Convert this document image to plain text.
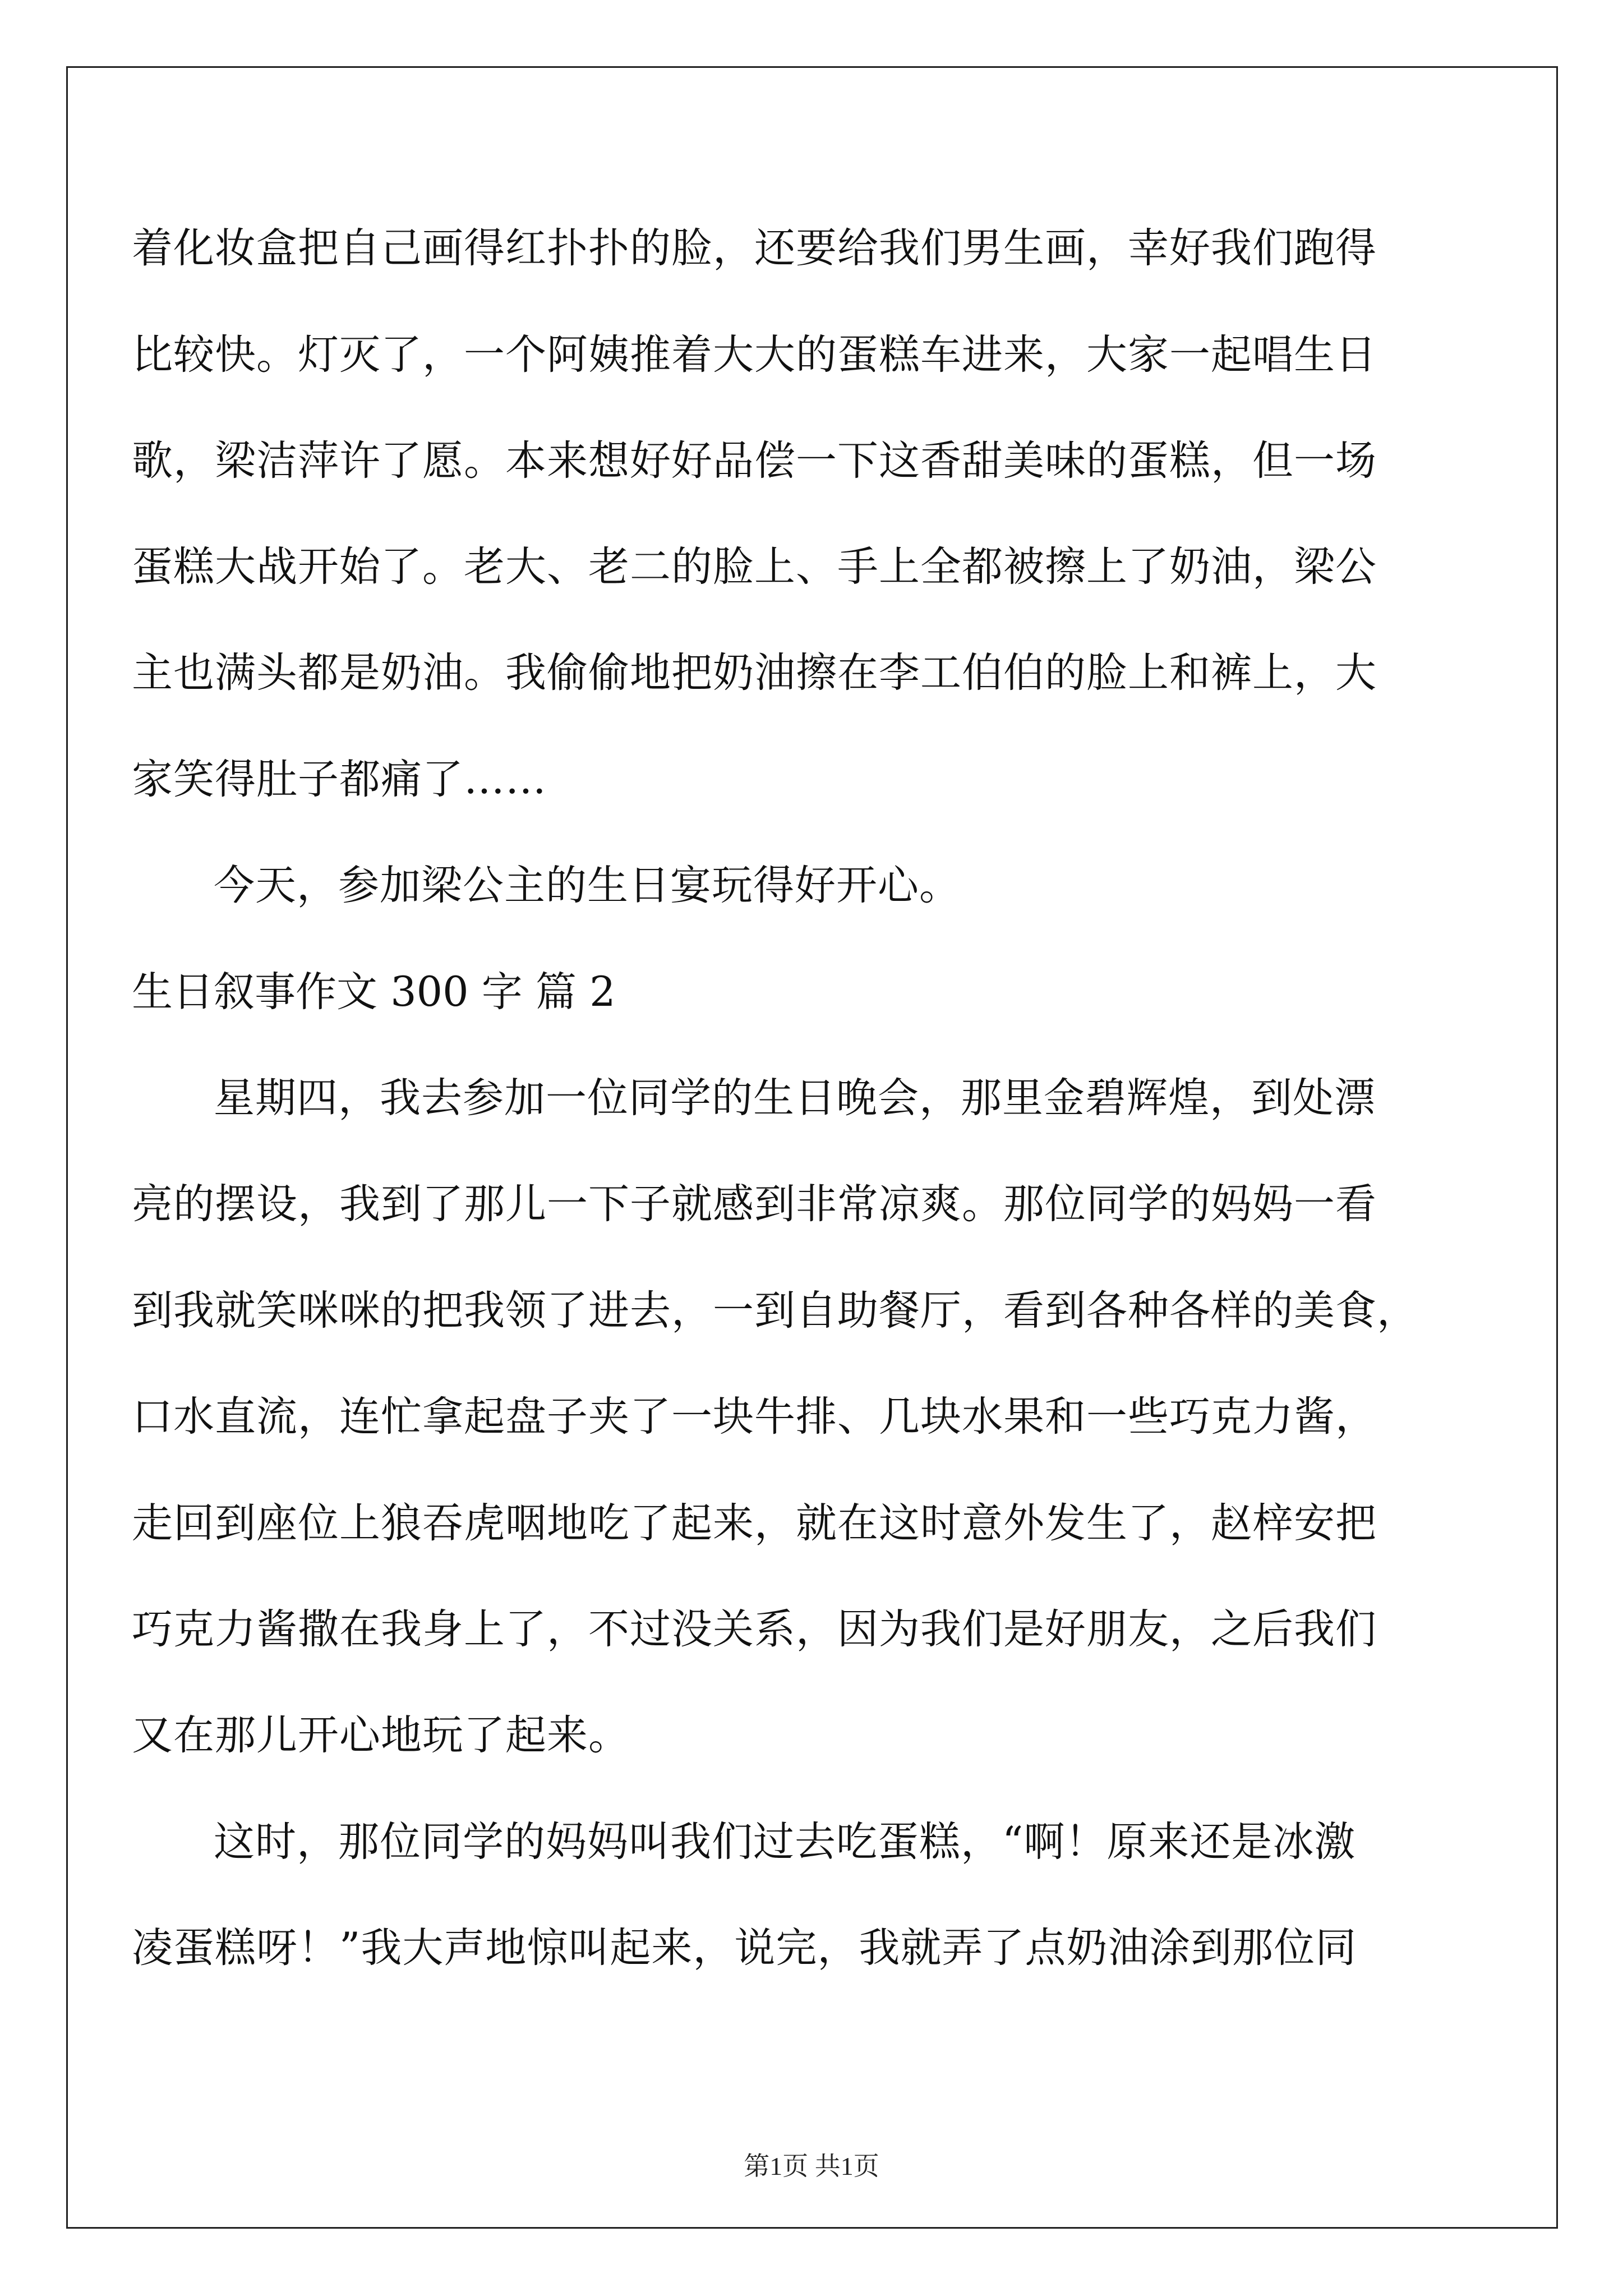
着化妆盒把自己画得红扑扑的脸，还要给我们男生画，幸好我们跑得
比较快。灯灭了，一个阿姨推着大大的蛋糕车进来，大家一起唱生日
歌，梁洁萍许了愿。本来想好好品偿一下这香甜美味的蛋糕，但一场
蛋糕大战开始了。老大、老二的脸上、手上全都被擦上了奶油，梁公
主也满头都是奶油。我偷偷地把奶油擦在李工伯伯的脸上和裤上，大
家笑得肚子都痛了……
今天，参加梁公主的生日宴玩得好开心。
生日叙事作文 300 字 篇 2
星期四，我去参加一位同学的生日晚会，那里金碧辉煌，到处漂
亮的摆设，我到了那儿一下子就感到非常凉爽。那位同学的妈妈一看
到我就笑咪咪的把我领了进去，一到自助餐厅，看到各种各样的美食，
口水直流，连忙拿起盘子夹了一块牛排、几块水果和一些巧克力酱，
走回到座位上狼吞虎咽地吃了起来，就在这时意外发生了，赵梓安把
巧克力酱撒在我身上了，不过没关系，因为我们是好朋友，之后我们
又在那儿开心地玩了起来。
这时，那位同学的妈妈叫我们过去吃蛋糕，“啊！原来还是冰激
凌蛋糕呀！”我大声地惊叫起来，说完，我就弄了点奶油涂到那位同
第1页 共1页
